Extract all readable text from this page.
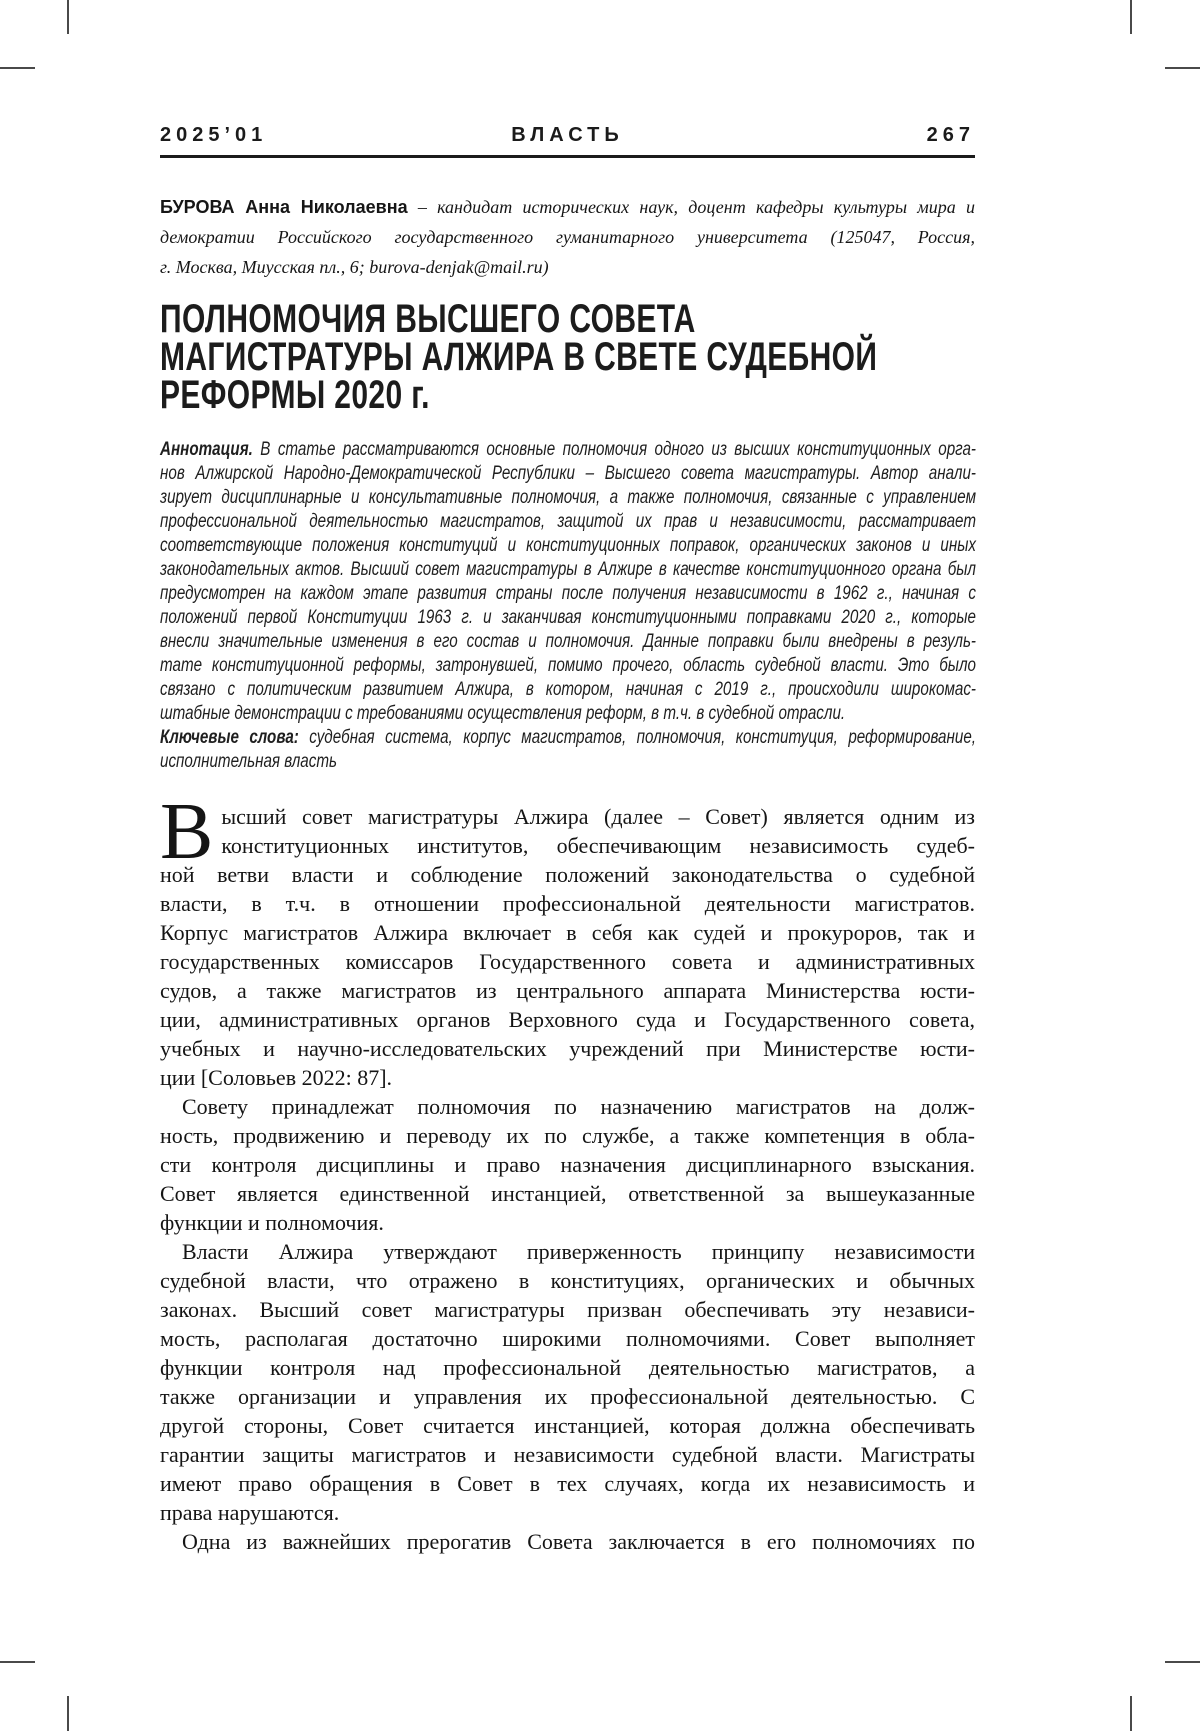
2025’01	ВЛАСТЬ	267
БУРОВА Анна Николаевна – кандидат исторических наук, доцент кафедры культуры мира и
демократии Российского государственного гуманитарного университета (125047, Россия,
г. Москва, Миусская пл., 6; burova-denjak@mail.ru)
ПОЛНОМОЧИЯ ВЫСШЕГО СОВЕТА
МАГИСТРАТУРЫ АЛЖИРА В СВЕТЕ СУДЕБНОЙ
РЕФОРМЫ 2020 г.
Аннотация. В статье рассматриваются основные полномочия одного из высших конституционных орга-
нов Алжирской Народно-Демократической Республики – Высшего совета магистратуры. Автор анали-
зирует дисциплинарные и консультативные полномочия, а также полномочия, связанные с управлением
профессиональной деятельностью магистратов, защитой их прав и независимости, рассматривает
соответствующие положения конституций и конституционных поправок, органических законов и иных
законодательных актов. Высший совет магистратуры в Алжире в качестве конституционного органа был
предусмотрен на каждом этапе развития страны после получения независимости в 1962 г., начиная с
положений первой Конституции 1963 г. и заканчивая конституционными поправками 2020 г., которые
внесли значительные изменения в его состав и полномочия. Данные поправки были внедрены в резуль-
тате конституционной реформы, затронувшей, помимо прочего, область судебной власти. Это было
связано с политическим развитием Алжира, в котором, начиная с 2019 г., происходили широкомас-
штабные демонстрации с требованиями осуществления реформ, в т.ч. в судебной отрасли.
Ключевые слова: судебная система, корпус магистратов, полномочия, конституция, реформирование,
исполнительная власть
В ысший совет магистратуры Алжира (далее – Совет) является одним из
конституционных институтов, обеспечивающим независимость судеб-
ной ветви власти и соблюдение положений законодательства о судебной
власти, в т.ч. в отношении профессиональной деятельности магистратов.
Корпус магистратов Алжира включает в себя как судей и прокуроров, так и
государственных комиссаров Государственного совета и административных
судов, а также магистратов из центрального аппарата Министерства юсти-
ции, административных органов Верховного суда и Государственного совета,
учебных и научно-исследовательских учреждений при Министерстве юсти-
ции [Соловьев 2022: 87].
Совету принадлежат полномочия по назначению магистратов на долж-
ность, продвижению и переводу их по службе, а также компетенция в обла-
сти контроля дисциплины и право назначения дисциплинарного взыскания.
Совет является единственной инстанцией, ответственной за вышеуказанные
функции и полномочия.
Власти Алжира утверждают приверженность принципу независимости
судебной власти, что отражено в конституциях, органических и обычных
законах. Высший совет магистратуры призван обеспечивать эту независи-
мость, располагая достаточно широкими полномочиями. Совет выполняет
функции контроля над профессиональной деятельностью магистратов, а
также организации и управления их профессиональной деятельностью. С
другой стороны, Совет считается инстанцией, которая должна обеспечивать
гарантии защиты магистратов и независимости судебной власти. Магистраты
имеют право обращения в Совет в тех случаях, когда их независимость и
права нарушаются.
Одна из важнейших прерогатив Совета заключается в его полномочиях по
